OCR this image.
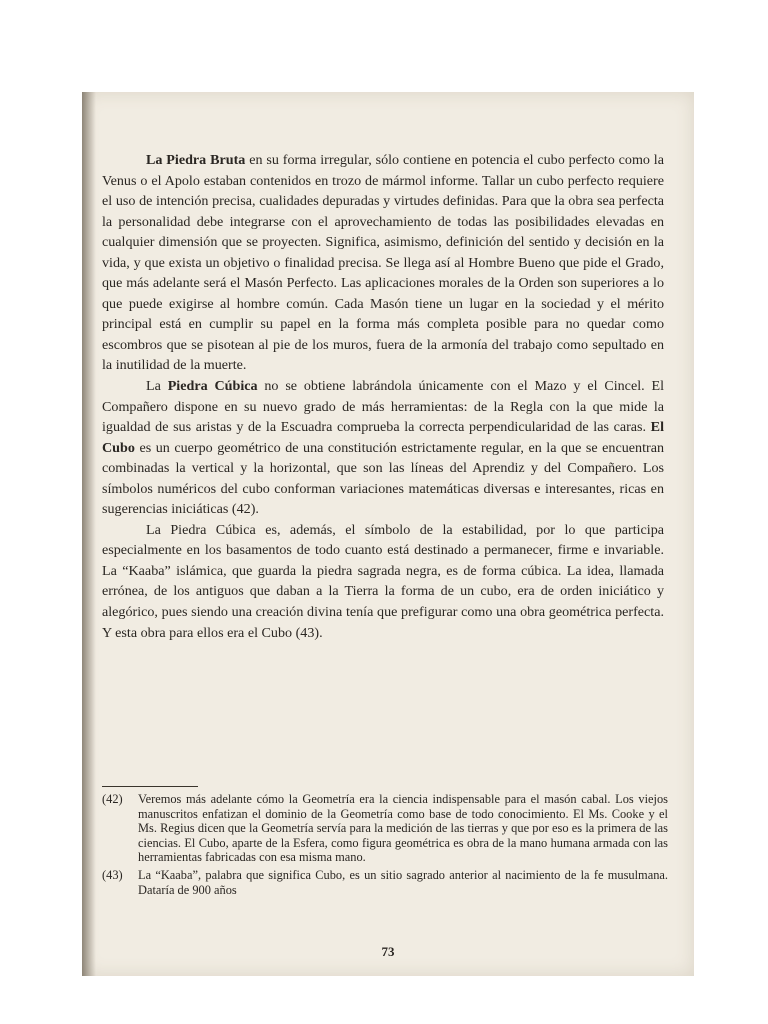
La Piedra Bruta en su forma irregular, sólo contiene en potencia el cubo perfecto como la Venus o el Apolo estaban contenidos en trozo de mármol informe. Tallar un cubo perfecto requiere el uso de intención precisa, cualidades depuradas y virtudes definidas. Para que la obra sea perfecta la personalidad debe integrarse con el aprovechamiento de todas las posibilidades elevadas en cualquier dimensión que se proyecten. Significa, asimismo, definición del sentido y decisión en la vida, y que exista un objetivo o finalidad precisa. Se llega así al Hombre Bueno que pide el Grado, que más adelante será el Masón Perfecto. Las aplicaciones morales de la Orden son superiores a lo que puede exigirse al hombre común. Cada Masón tiene un lugar en la sociedad y el mérito principal está en cumplir su papel en la forma más completa posible para no quedar como escombros que se pisotean al pie de los muros, fuera de la armonía del trabajo como sepultado en la inutilidad de la muerte.

La Piedra Cúbica no se obtiene labrándola únicamente con el Mazo y el Cincel. El Compañero dispone en su nuevo grado de más herramientas: de la Regla con la que mide la igualdad de sus aristas y de la Escuadra comprueba la correcta perpendicularidad de las caras. El Cubo es un cuerpo geométrico de una constitución estrictamente regular, en la que se encuentran combinadas la vertical y la horizontal, que son las líneas del Aprendiz y del Compañero. Los símbolos numéricos del cubo conforman variaciones matemáticas diversas e interesantes, ricas en sugerencias iniciáticas (42).

La Piedra Cúbica es, además, el símbolo de la estabilidad, por lo que participa especialmente en los basamentos de todo cuanto está destinado a permanecer, firme e invariable. La “Kaaba” islámica, que guarda la piedra sagrada negra, es de forma cúbica. La idea, llamada errónea, de los antiguos que daban a la Tierra la forma de un cubo, era de orden iniciático y alegórico, pues siendo una creación divina tenía que prefigurar como una obra geométrica perfecta. Y esta obra para ellos era el Cubo (43).

(42) Veremos más adelante cómo la Geometría era la ciencia indispensable para el masón cabal. Los viejos manuscritos enfatizan el dominio de la Geometría como base de todo conocimiento. El Ms. Cooke y el Ms. Regius dicen que la Geometría servía para la medición de las tierras y que por eso es la primera de las ciencias. El Cubo, aparte de la Esfera, como figura geométrica es obra de la mano humana armada con las herramientas fabricadas con esa misma mano.
(43) La “Kaaba”, palabra que significa Cubo, es un sitio sagrado anterior al nacimiento de la fe musulmana. Dataría de 900 años
73
